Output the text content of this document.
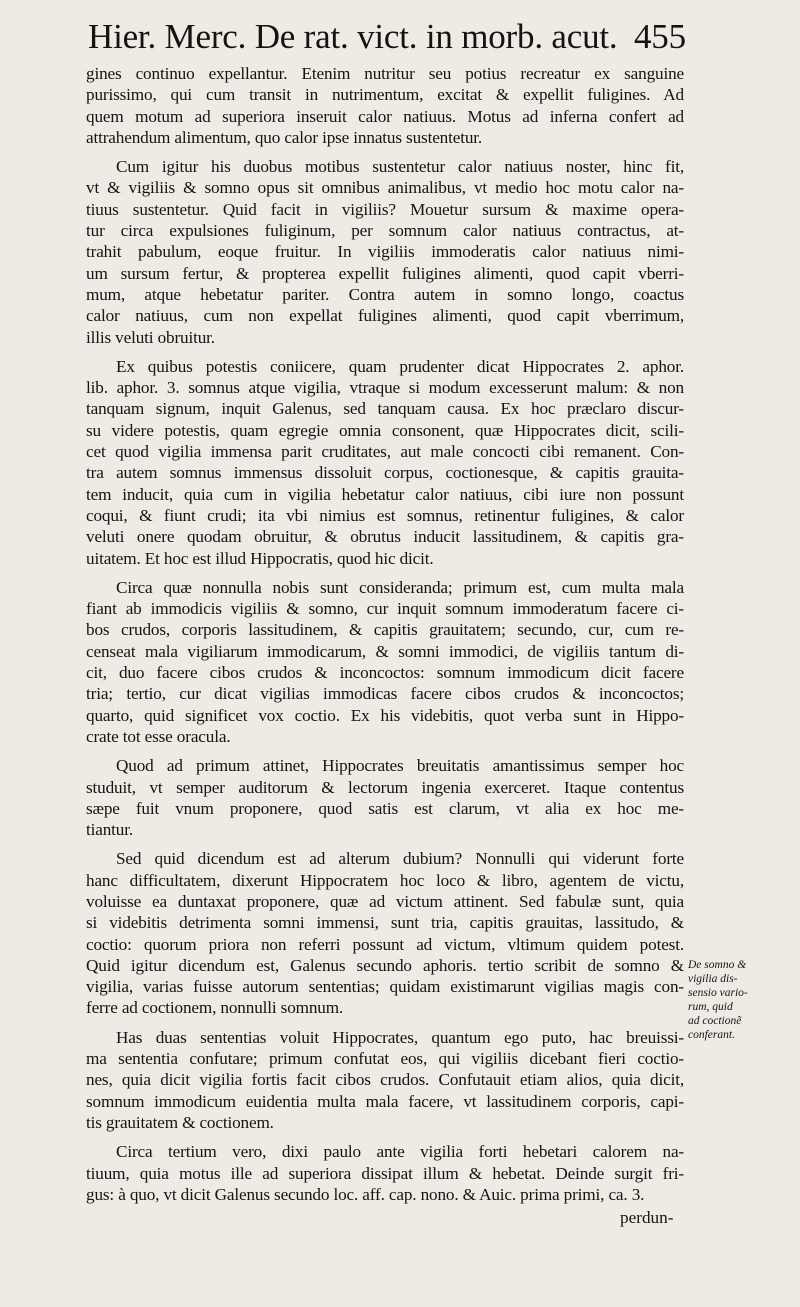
Hier. Merc. De rat. vict. in morb. acut. 455
gines continuo expellantur. Etenim nutritur seu potius recreatur ex sanguine
purissimo, qui cum transit in nutrimentum, excitat & expellit fuligines. Ad
quem motum ad superiora inseruit calor natiuus. Motus ad inferna confert ad
attrahendum alimentum, quo calor ipse innatus sustentetur.
Cum igitur his duobus motibus sustentetur calor natiuus noster, hinc fit,
vt & vigiliis & somno opus sit omnibus animalibus, vt medio hoc motu calor na-
tiuus sustentetur. Quid facit in vigiliis? Mouetur sursum & maxime opera-
tur circa expulsiones fuliginum, per somnum calor natiuus contractus, at-
trahit pabulum, eoque fruitur. In vigiliis immoderatis calor natiuus nimi-
um sursum fertur, & propterea expellit fuligines alimenti, quod capit vberri-
mum, atque hebetatur pariter. Contra autem in somno longo, coactus
calor natiuus, cum non expellat fuligines alimenti, quod capit vberrimum,
illis veluti obruitur.
Ex quibus potestis coniicere, quam prudenter dicat Hippocrates 2. aphor.
lib. aphor. 3. somnus atque vigilia, vtraque si modum excesserunt malum: & non
tanquam signum, inquit Galenus, sed tanquam causa. Ex hoc præclaro discur-
su videre potestis, quam egregie omnia consonent, quæ Hippocrates dicit, scili-
cet quod vigilia immensa parit cruditates, aut male concocti cibi remanent. Con-
tra autem somnus immensus dissoluit corpus, coctionesque, & capitis grauita-
tem inducit, quia cum in vigilia hebetatur calor natiuus, cibi iure non possunt
coqui, & fiunt crudi; ita vbi nimius est somnus, retinentur fuligines, & calor
veluti onere quodam obruitur, & obrutus inducit lassitudinem, & capitis gra-
uitatem. Et hoc est illud Hippocratis, quod hic dicit.
Circa quæ nonnulla nobis sunt consideranda; primum est, cum multa mala
fiant ab immodicis vigiliis & somno, cur inquit somnum immoderatum facere ci-
bos crudos, corporis lassitudinem, & capitis grauitatem; secundo, cur, cum re-
censeat mala vigiliarum immodicarum, & somni immodici, de vigiliis tantum di-
cit, duo facere cibos crudos & inconcoctos: somnum immodicum dicit facere
tria; tertio, cur dicat vigilias immodicas facere cibos crudos & inconcoctos;
quarto, quid significet vox coctio. Ex his videbitis, quot verba sunt in Hippo-
crate tot esse oracula.
Quod ad primum attinet, Hippocrates breuitatis amantissimus semper hoc
studuit, vt semper auditorum & lectorum ingenia exerceret. Itaque contentus
sæpe fuit vnum proponere, quod satis est clarum, vt alia ex hoc me-
tiantur.
Sed quid dicendum est ad alterum dubium? Nonnulli qui viderunt forte
hanc difficultatem, dixerunt Hippocratem hoc loco & libro, agentem de victu,
voluisse ea duntaxat proponere, quæ ad victum attinent. Sed fabulæ sunt, quia
si videbitis detrimenta somni immensi, sunt tria, capitis grauitas, lassitudo, &
coctio: quorum priora non referri possunt ad victum, vltimum quidem potest.
Quid igitur dicendum est, Galenus secundo aphoris. tertio scribit de somno &
vigilia, varias fuisse autorum sententias; quidam existimarunt vigilias magis con-
ferre ad coctionem, nonnulli somnum.
Has duas sententias voluit Hippocrates, quantum ego puto, hac breuissi-
ma sententia confutare; primum confutat eos, qui vigiliis dicebant fieri coctio-
nes, quia dicit vigilia fortis facit cibos crudos. Confutauit etiam alios, quia dicit,
somnum immodicum euidentia multa mala facere, vt lassitudinem corporis, capi-
tis grauitatem & coctionem.
Circa tertium vero, dixi paulo ante vigilia forti hebetari calorem na-
tiuum, quia motus ille ad superiora dissipat illum & hebetat. Deinde surgit fri-
gus: à quo, vt dicit Galenus secundo loc. aff. cap. nono. & Auic. prima primi, ca. 3.
De somno &
vigilia dis-
sensio vario-
rum, quid
ad coctionẽ
conferant.
perdun-
